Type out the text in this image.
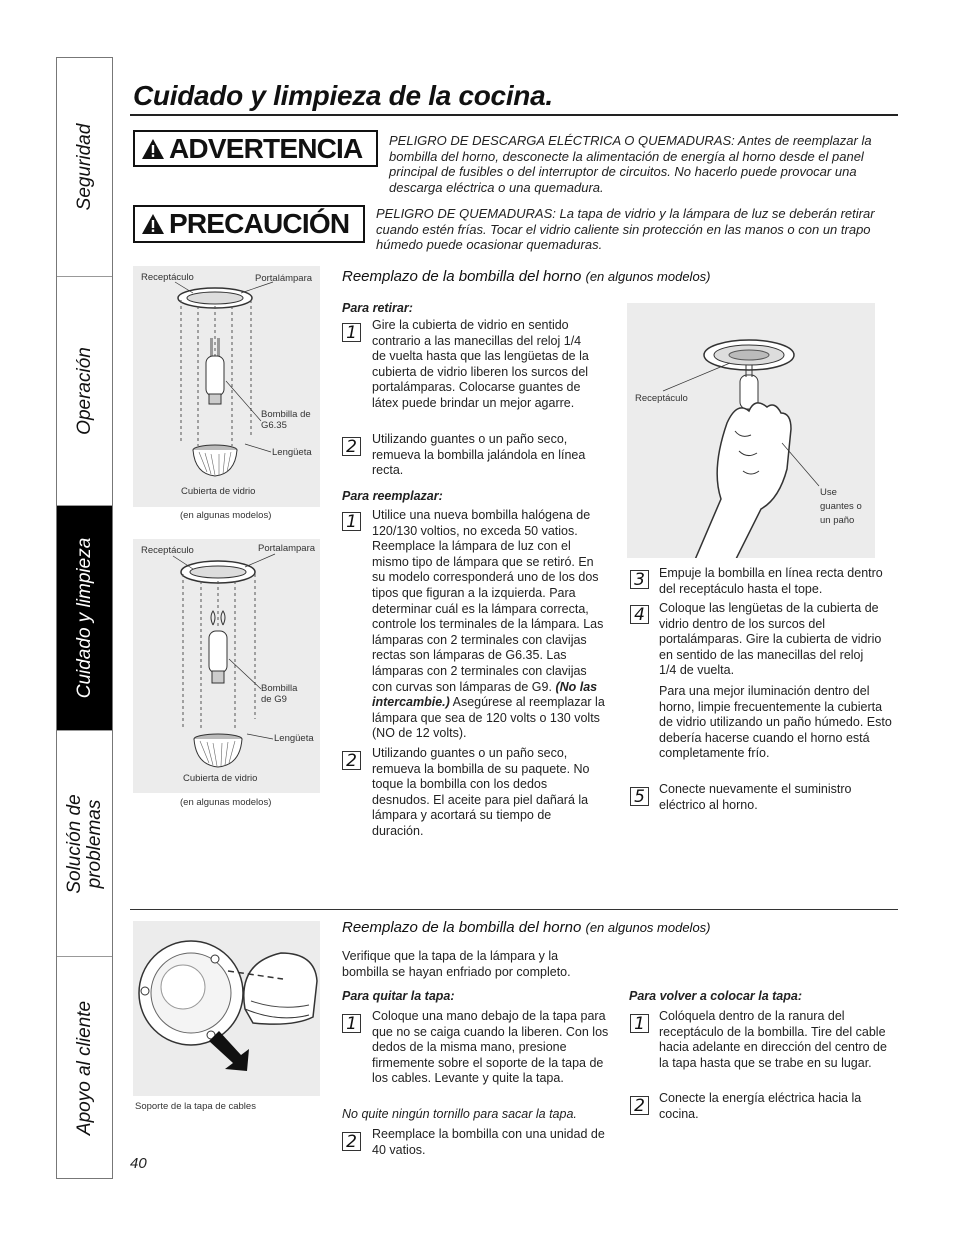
Seguridad
Operación
Cuidado y limpieza
Solución de problemas
Apoyo al cliente
Cuidado y limpieza de la cocina.
ADVERTENCIA PELIGRO DE DESCARGA ELÉCTRICA O QUEMADURAS: Antes de reemplazar la bombilla del horno, desconecte la alimentación de energía al horno desde el panel principal de fusibles o del interruptor de circuitos. No hacerlo puede provocar una descarga eléctrica o una quemadura.
PRECAUCIÓN PELIGRO DE QUEMADURAS: La tapa de vidrio y la lámpara de luz se deberán retirar cuando estén frías. Tocar el vidrio caliente sin protección en las manos o con un trapo húmedo puede ocasionar quemaduras.
Receptáculo	Portalámpara
Bombilla de G6.35
Lengüeta
Cubierta de vidrio
(en algunas modelos)
Receptáculo	Portalampara
Bombilla de G9
Lengüeta
Cubierta de vidrio
(en algunas modelos)
Reemplazo de la bombilla del horno (en algunos modelos)
Para retirar:
1	Gire la cubierta de vidrio en sentido contrario a las manecillas del reloj 1/4 de vuelta hasta que las lengüetas de la cubierta de vidrio liberen los surcos del portalámparas. Colocarse guantes de látex puede brindar un mejor agarre.
2	Utilizando guantes o un paño seco, remueva la bombilla jalándola en línea recta.
Para reemplazar:
1	Utilice una nueva bombilla halógena de 120/130 voltios, no exceda 50 vatios. Reemplace la lámpara de luz con el mismo tipo de lámpara que se retiró. En su modelo corresponderá uno de los dos tipos que figuran a la izquierda. Para determinar cuál es la lámpara correcta, controle los terminales de la lámpara. Las lámparas con 2 terminales con clavijas rectas son lámparas de G6.35. Las lámparas con 2 terminales con clavijas con curvas son lámparas de G9. (No las intercambie.) Asegúrese al reemplazar la lámpara que sea de 120 volts o 130 volts (NO de 12 volts).
2	Utilizando guantes o un paño seco, remueva la bombilla de su paquete. No toque la bombilla con los dedos desnudos. El aceite para piel dañará la lámpara y acortará su tiempo de duración.
Receptáculo
Use guantes o un paño
3	Empuje la bombilla en línea recta dentro del receptáculo hasta el tope.
4	Coloque las lengüetas de la cubierta de vidrio dentro de los surcos del portalámparas. Gire la cubierta de vidrio en sentido de las manecillas del reloj 1/4 de vuelta.
Para una mejor iluminación dentro del horno, limpie frecuentemente la cubierta de vidrio utilizando un paño húmedo. Esto debería hacerse cuando el horno está completamente frío.
5	Conecte nuevamente el suministro eléctrico al horno.
Soporte de la tapa de cables
Reemplazo de la bombilla del horno (en algunos modelos)
Verifique que la tapa de la lámpara y la bombilla se hayan enfriado por completo.
Para quitar la tapa:
1	Coloque una mano debajo de la tapa para que no se caiga cuando la liberen. Con los dedos de la misma mano, presione firmemente sobre el soporte de la tapa de los cables. Levante y quite la tapa.
No quite ningún tornillo para sacar la tapa.
2	Reemplace la bombilla con una unidad de 40 vatios.
Para volver a colocar la tapa:
1	Colóquela dentro de la ranura del receptáculo de la bombilla. Tire del cable hacia adelante en dirección del centro de la tapa hasta que se trabe en su lugar.
2	Conecte la energía eléctrica hacia la cocina.
40
